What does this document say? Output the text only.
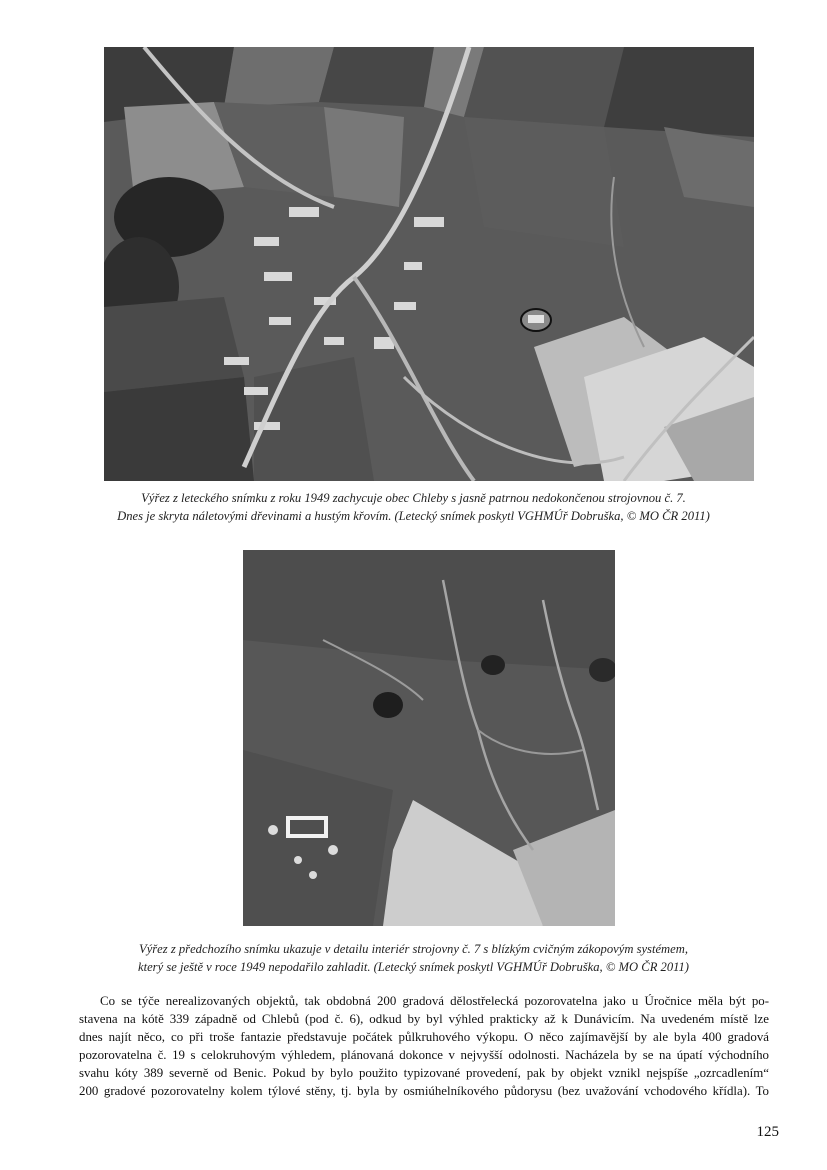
Výřez z leteckého snímku z roku 1949 zachycuje obec Chleby s jasně patrnou nedokončenou strojovnou č. 7.
Dnes je skryta náletovými dřevinami a hustým křovím. (Letecký snímek poskytl VGHMÚř Dobruška, © MO ČR 2011)
Výřez z předchozího snímku ukazuje v detailu interiér strojovny č. 7 s blízkým cvičným zákopovým systémem,
který se ještě v roce 1949 nepodařilo zahladit. (Letecký snímek poskytl VGHMÚř Dobruška, © MO ČR 2011)
Co se týče nerealizovaných objektů, tak obdobná 200 gradová dělostřelecká pozorovatelna jako u Úročnice měla být po-
stavena na kótě 339 západně od Chlebů (pod č. 6), odkud by byl výhled prakticky až k Dunávicím. Na uvedeném místě lze
dnes najít něco, co při troše fantazie představuje počátek půlkruhového výkopu. O něco zajímavější by ale byla 400 gradová
pozorovatelna č. 19 s celokruhovým výhledem, plánovaná dokonce v nejvyšší odolnosti. Nacházela by se na úpatí východního
svahu kóty 389 severně od Benic. Pokud by bylo použito typizované provedení, pak by objekt vznikl nejspíše „ozrcadlením“
200 gradové pozorovatelny kolem týlové stěny, tj. byla by osmiúhelníkového půdorysu (bez uvažování vchodového křídla). To
125
